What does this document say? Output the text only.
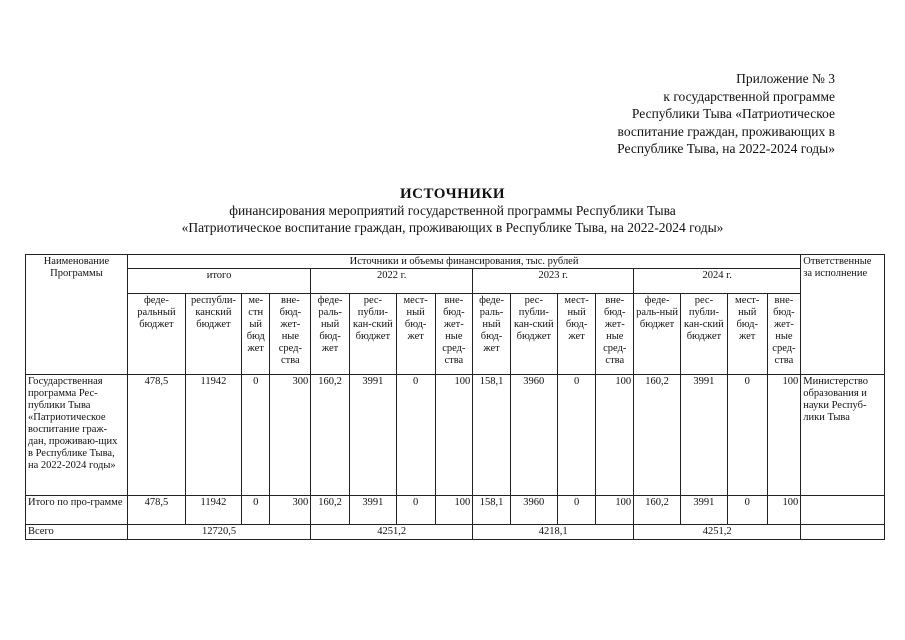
Приложение № 3
к государственной программе
Республики Тыва «Патриотическое
воспитание граждан, проживающих в
Республике Тыва, на 2022-2024 годы»
ИСТОЧНИКИ
финансирования мероприятий государственной программы Республики Тыва
«Патриотическое воспитание граждан, проживающих в Республике Тыва, на 2022-2024 годы»
Наименование Программы	Источники и объемы финансирования, тыс. рублей																Ответственные за исполнение
	итого				2022 г.				2023 г.				2024 г.				
	феде-ральный бюджет	республи-канский бюджет	ме-стн ый бюд жет	вне-бюд-жет-ные сред-ства	феде-раль-ный бюд-жет	рес-публи-кан-ский бюджет	мест-ный бюд-жет	вне-бюд-жет-ные сред-ства	феде-раль-ный бюд-жет	рес-публи-кан-ский бюджет	мест-ный бюд-жет	вне-бюд-жет-ные сред-ства	феде-раль-ный бюджет	рес-публи-кан-ский бюджет	мест-ный бюд-жет	вне-бюд-жет-ные сред-ства	
Государственная программа Рес-публики Тыва «Патриотическое воспитание граж-дан, проживаю-щих в Республике Тыва, на 2022-2024 годы»	478,5	11942	0	300	160,2	3991	0	100	158,1	3960	0	100	160,2	3991	0	100	Министерство образования и науки Респуб-лики Тыва
Итого по про-грамме	478,5	11942	0	300	160,2	3991	0	100	158,1	3960	0	100	160,2	3991	0	100	
Всего	12720,5				4251,2				4218,1				4251,2				
